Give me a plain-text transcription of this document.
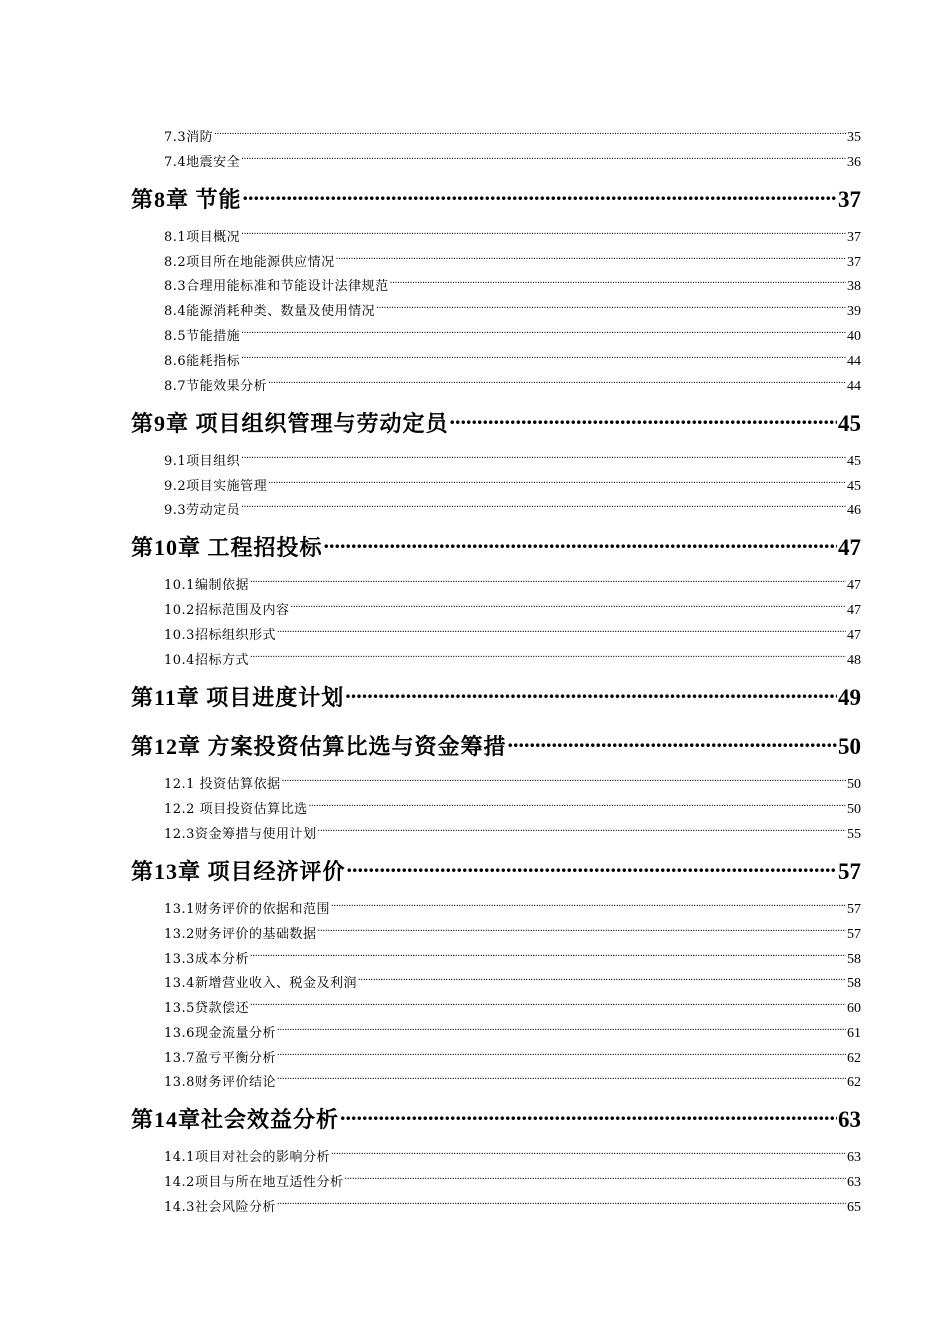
7.3消防 .....	35
7.4地震安全 .....	36
第8章 节能 .....	37
8.1项目概况 .....	37
8.2项目所在地能源供应情况 .....	37
8.3合理用能标准和节能设计法律规范 .....	38
8.4能源消耗种类、数量及使用情况 .....	39
8.5节能措施 .....	40
8.6能耗指标 .....	44
8.7节能效果分析 .....	44
第9章 项目组织管理与劳动定员 .....	45
9.1项目组织 .....	45
9.2项目实施管理 .....	45
9.3劳动定员 .....	46
第10章 工程招投标 .....	47
10.1编制依据 .....	47
10.2招标范围及内容 .....	47
10.3招标组织形式 .....	47
10.4招标方式 .....	48
第11章 项目进度计划 .....	49
第12章 方案投资估算比选与资金筹措 .....	50
12.1 投资估算依据 .....	50
12.2 项目投资估算比选 .....	50
12.3资金筹措与使用计划 .....	55
第13章 项目经济评价 .....	57
13.1财务评价的依据和范围 .....	57
13.2财务评价的基础数据 .....	57
13.3成本分析 .....	58
13.4新增营业收入、税金及利润 .....	58
13.5贷款偿还 .....	60
13.6现金流量分析 .....	61
13.7盈亏平衡分析 .....	62
13.8财务评价结论 .....	62
第14章社会效益分析 .....	63
14.1项目对社会的影响分析 .....	63
14.2项目与所在地互适性分析 .....	63
14.3社会风险分析 .....	65
